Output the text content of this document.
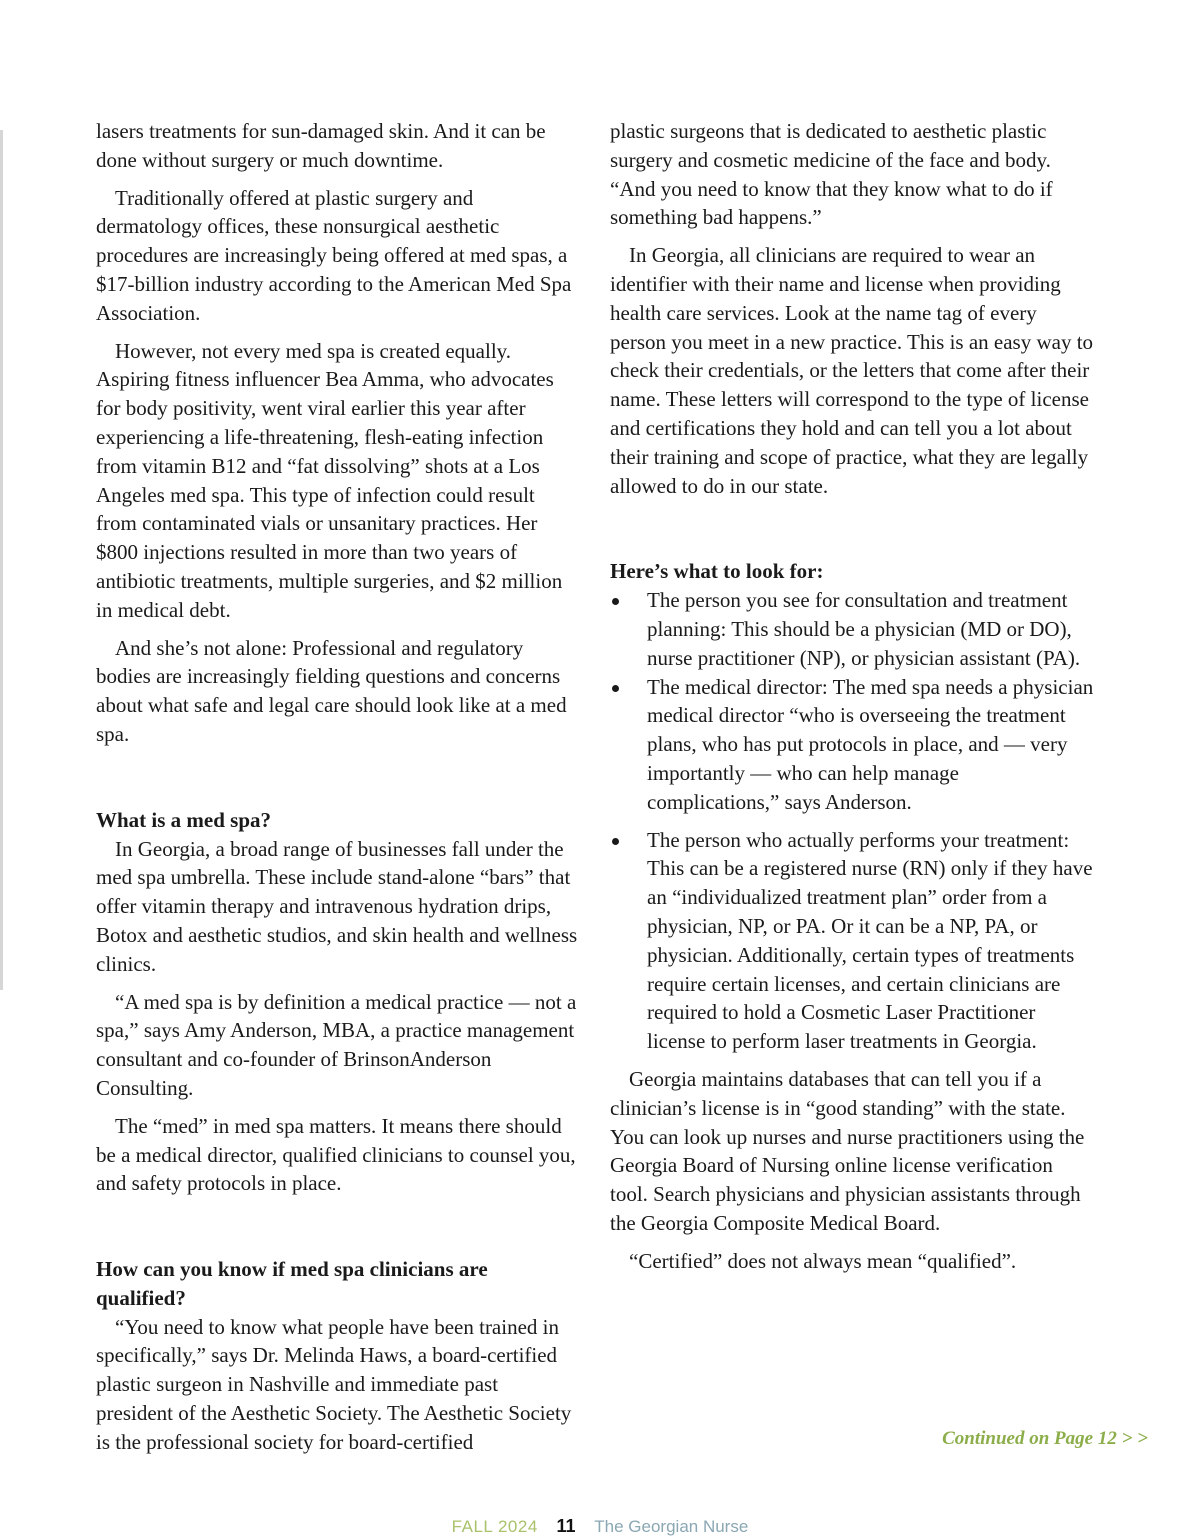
lasers treatments for sun-damaged skin. And it can be done without surgery or much downtime.

Traditionally offered at plastic surgery and dermatology offices, these nonsurgical aesthetic procedures are increasingly being offered at med spas, a $17-billion industry according to the American Med Spa Association.

However, not every med spa is created equally. Aspiring fitness influencer Bea Amma, who advocates for body positivity, went viral earlier this year after experiencing a life-threatening, flesh-eating infection from vitamin B12 and “fat dissolving” shots at a Los Angeles med spa. This type of infection could result from contaminated vials or unsanitary practices. Her $800 injections resulted in more than two years of antibiotic treatments, multiple surgeries, and $2 million in medical debt.

And she’s not alone: Professional and regulatory bodies are increasingly fielding questions and concerns about what safe and legal care should look like at a med spa.

What is a med spa?

In Georgia, a broad range of businesses fall under the med spa umbrella. These include stand-alone “bars” that offer vitamin therapy and intravenous hydration drips, Botox and aesthetic studios, and skin health and wellness clinics.

“A med spa is by definition a medical practice — not a spa,” says Amy Anderson, MBA, a practice management consultant and co-founder of BrinsonAnderson Consulting.

The “med” in med spa matters. It means there should be a medical director, qualified clinicians to counsel you, and safety protocols in place.

How can you know if med spa clinicians are qualified?

“You need to know what people have been trained in specifically,” says Dr. Melinda Haws, a board-certified plastic surgeon in Nashville and immediate past president of the Aesthetic Society. The Aesthetic Society is the professional society for board-certified

plastic surgeons that is dedicated to aesthetic plastic surgery and cosmetic medicine of the face and body. “And you need to know that they know what to do if something bad happens.”

In Georgia, all clinicians are required to wear an identifier with their name and license when providing health care services. Look at the name tag of every person you meet in a new practice. This is an easy way to check their credentials, or the letters that come after their name. These letters will correspond to the type of license and certifications they hold and can tell you a lot about their training and scope of practice, what they are legally allowed to do in our state.

Here’s what to look for:
The person you see for consultation and treatment planning: This should be a physician (MD or DO), nurse practitioner (NP), or physician assistant (PA).
The medical director: The med spa needs a physician medical director “who is overseeing the treatment plans, who has put protocols in place, and — very importantly — who can help manage complications,” says Anderson.
The person who actually performs your treatment: This can be a registered nurse (RN) only if they have an “individualized treatment plan” order from a physician, NP, or PA. Or it can be a NP, PA, or physician. Additionally, certain types of treatments require certain licenses, and certain clinicians are required to hold a Cosmetic Laser Practitioner license to perform laser treatments in Georgia.

Georgia maintains databases that can tell you if a clinician’s license is in “good standing” with the state. You can look up nurses and nurse practitioners using the Georgia Board of Nursing online license verification tool. Search physicians and physician assistants through the Georgia Composite Medical Board.

“Certified” does not always mean “qualified”.

Continued on Page 12 > >
FALL 2024 11 The Georgian Nurse
